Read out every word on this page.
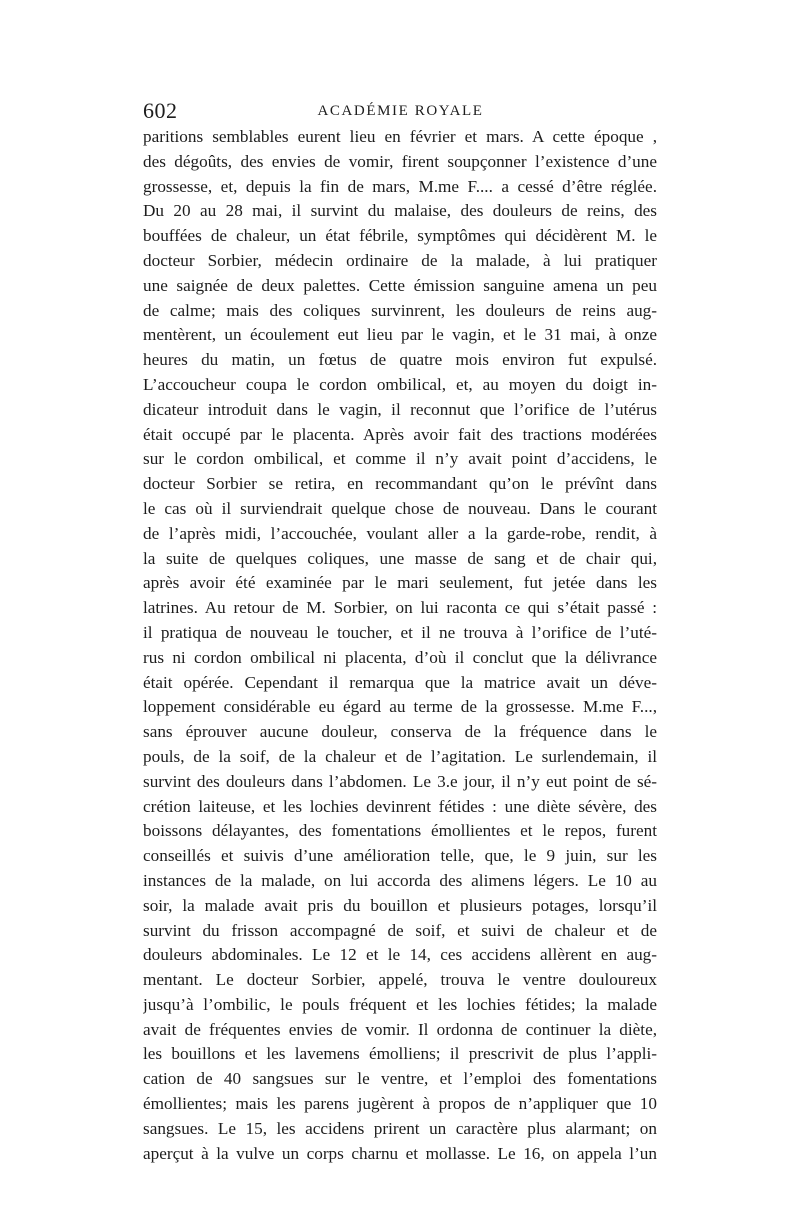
602	ACADÉMIE ROYALE
paritions semblables eurent lieu en février et mars. A cette époque ,
des dégoûts, des envies de vomir, firent soupçonner l’existence d’une
grossesse, et, depuis la fin de mars, M.me F.... a cessé d’être réglée.
Du 20 au 28 mai, il survint du malaise, des douleurs de reins, des
bouffées de chaleur, un état fébrile, symptômes qui décidèrent M. le
docteur Sorbier, médecin ordinaire de la malade, à lui pratiquer
une saignée de deux palettes. Cette émission sanguine amena un peu
de calme; mais des coliques survinrent, les douleurs de reins aug-
mentèrent, un écoulement eut lieu par le vagin, et le 31 mai, à onze
heures du matin, un fœtus de quatre mois environ fut expulsé.
L’accoucheur coupa le cordon ombilical, et, au moyen du doigt in-
dicateur introduit dans le vagin, il reconnut que l’orifice de l’utérus
était occupé par le placenta. Après avoir fait des tractions modérées
sur le cordon ombilical, et comme il n’y avait point d’accidens, le
docteur Sorbier se retira, en recommandant qu’on le prévînt dans
le cas où il surviendrait quelque chose de nouveau. Dans le courant
de l’après midi, l’accouchée, voulant aller a la garde-robe, rendit, à
la suite de quelques coliques, une masse de sang et de chair qui,
après avoir été examinée par le mari seulement, fut jetée dans les
latrines. Au retour de M. Sorbier, on lui raconta ce qui s’était passé :
il pratiqua de nouveau le toucher, et il ne trouva à l’orifice de l’uté-
rus ni cordon ombilical ni placenta, d’où il conclut que la délivrance
était opérée. Cependant il remarqua que la matrice avait un déve-
loppement considérable eu égard au terme de la grossesse. M.me F...,
sans éprouver aucune douleur, conserva de la fréquence dans le
pouls, de la soif, de la chaleur et de l’agitation. Le surlendemain, il
survint des douleurs dans l’abdomen. Le 3.e jour, il n’y eut point de sé-
crétion laiteuse, et les lochies devinrent fétides : une diète sévère, des
boissons délayantes, des fomentations émollientes et le repos, furent
conseillés et suivis d’une amélioration telle, que, le 9 juin, sur les
instances de la malade, on lui accorda des alimens légers. Le 10 au
soir, la malade avait pris du bouillon et plusieurs potages, lorsqu’il
survint du frisson accompagné de soif, et suivi de chaleur et de
douleurs abdominales. Le 12 et le 14, ces accidens allèrent en aug-
mentant. Le docteur Sorbier, appelé, trouva le ventre douloureux
jusqu’à l’ombilic, le pouls fréquent et les lochies fétides; la malade
avait de fréquentes envies de vomir. Il ordonna de continuer la diète,
les bouillons et les lavemens émolliens; il prescrivit de plus l’appli-
cation de 40 sangsues sur le ventre, et l’emploi des fomentations
émollientes; mais les parens jugèrent à propos de n’appliquer que 10
sangsues. Le 15, les accidens prirent un caractère plus alarmant; on
aperçut à la vulve un corps charnu et mollasse. Le 16, on appela l’un
